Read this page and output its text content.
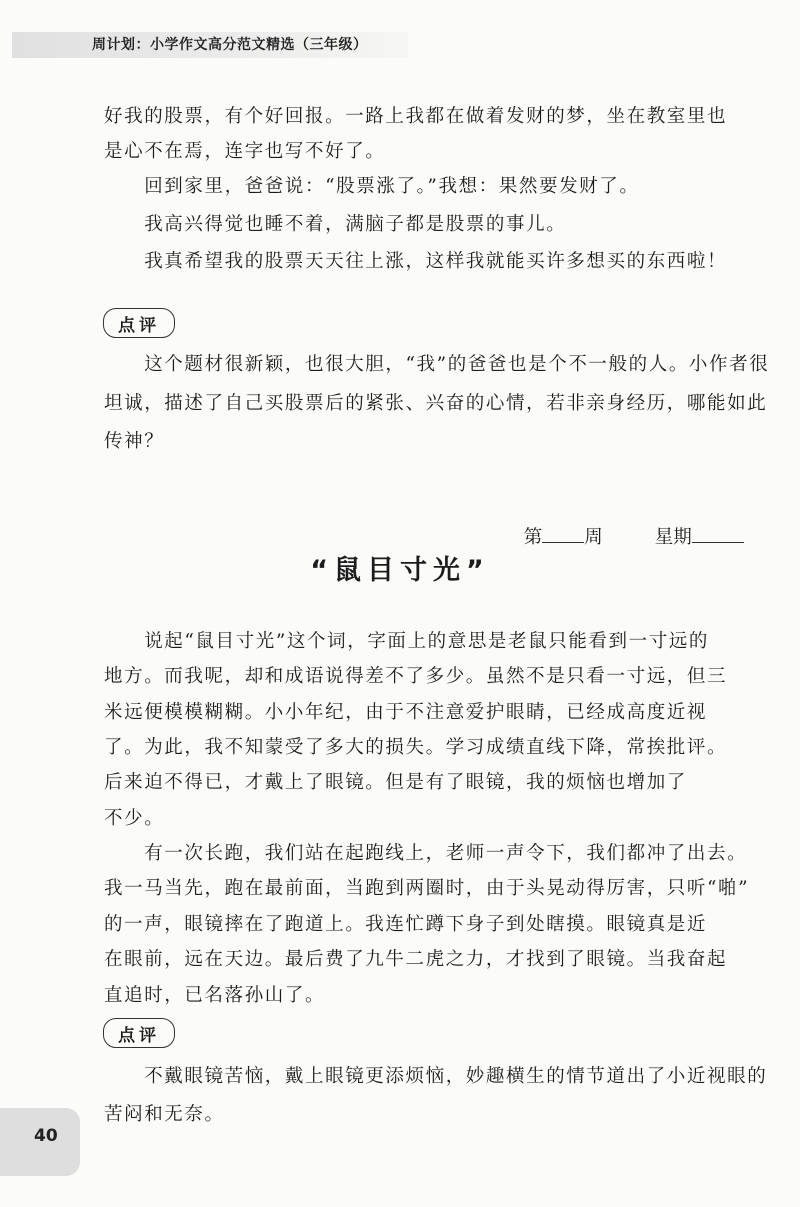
周计划：小学作文高分范文精选（三年级）
好我的股票，有个好回报。一路上我都在做着发财的梦，坐在教室里也
是心不在焉，连字也写不好了。
　　回到家里，爸爸说：“股票涨了。”我想：果然要发财了。
　　我高兴得觉也睡不着，满脑子都是股票的事儿。
　　我真希望我的股票天天往上涨，这样我就能买许多想买的东西啦！
点评
　　这个题材很新颖，也很大胆，“我”的爸爸也是个不一般的人。小作者很
坦诚，描述了自己买股票后的紧张、兴奋的心情，若非亲身经历，哪能如此
传神？

第 周	星期

“鼠目寸光”
　　说起“鼠目寸光”这个词，字面上的意思是老鼠只能看到一寸远的
地方。而我呢，却和成语说得差不了多少。虽然不是只看一寸远，但三
米远便模模糊糊。小小年纪，由于不注意爱护眼睛，已经成高度近视
了。为此，我不知蒙受了多大的损失。学习成绩直线下降，常挨批评。
后来迫不得已，才戴上了眼镜。但是有了眼镜，我的烦恼也增加了
不少。
　　有一次长跑，我们站在起跑线上，老师一声令下，我们都冲了出去。
我一马当先，跑在最前面，当跑到两圈时，由于头晃动得厉害，只听“啪”
的一声，眼镜摔在了跑道上。我连忙蹲下身子到处瞎摸。眼镜真是近
在眼前，远在天边。最后费了九牛二虎之力，才找到了眼镜。当我奋起
直追时，已名落孙山了。
点评
　　不戴眼镜苦恼，戴上眼镜更添烦恼，妙趣横生的情节道出了小近视眼的
苦闷和无奈。
40
